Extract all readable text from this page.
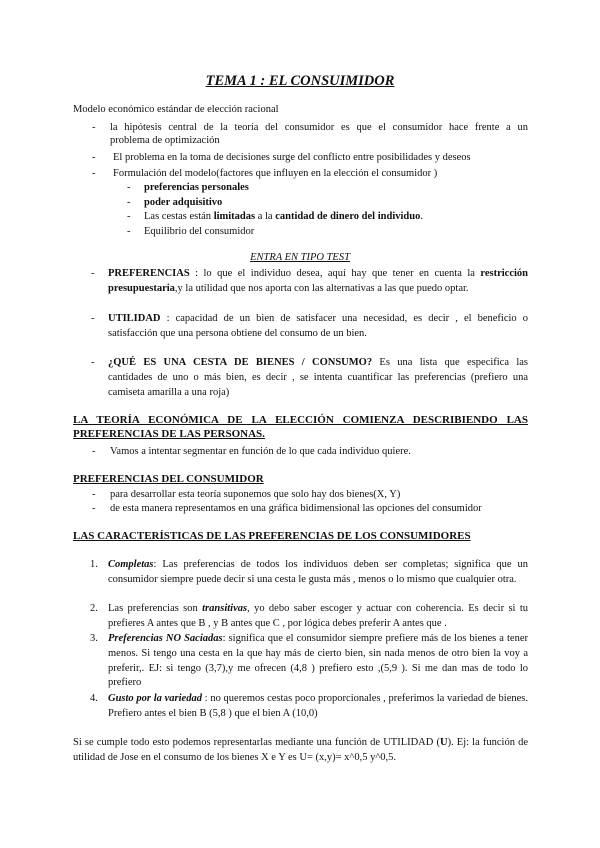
TEMA 1 : EL CONSUIMIDOR
Modelo económico estándar de elección racional
- la hipótesis central de la teoría del consumidor es que el consumidor hace frente a un
problema de optimización
- El problema en la toma de decisiones surge del conflicto entre posibilidades y deseos
- Formulación del modelo(factores que influyen en la elección el consumidor )
- preferencias personales
- poder adquisitivo
- Las cestas están limitadas a la cantidad de dinero del individuo.
- Equilibrio del consumidor
ENTRA EN TIPO TEST
- PREFERENCIAS : lo que el individuo desea, aquí hay que tener en cuenta la restricción
presupuestaria,y la utilidad que nos aporta con las alternativas a las que puedo optar.
- UTILIDAD : capacidad de un bien de satisfacer una necesidad, es decir , el beneficio o
satisfacción que una persona obtiene del consumo de un bien.
- ¿QUÉ ES UNA CESTA DE BIENES / CONSUMO? Es una lista que especifica las
cantidades de uno o más bien, es decir , se intenta cuantificar las preferencias (prefiero una
camiseta amarilla a una roja)
LA TEORÍA ECONÓMICA DE LA ELECCIÓN COMIENZA DESCRIBIENDO LAS
PREFERENCIAS DE LAS PERSONAS.
- Vamos a intentar segmentar en función de lo que cada individuo quiere.
PREFERENCIAS DEL CONSUMIDOR
- para desarrollar esta teoría suponemos que solo hay dos bienes(X, Y)
- de esta manera representamos en una gráfica bidimensional las opciones del consumidor
LAS CARACTERÍSTICAS DE LAS PREFERENCIAS DE LOS CONSUMIDORES
1. Completas: Las preferencias de todos los individuos deben ser completas; significa que un consumidor siempre puede decir si una cesta le gusta más , menos o lo mismo que cualquier otra.
2. Las preferencias son transitivas, yo debo saber escoger y actuar con coherencia. Es decir si tu prefieres A antes que B , y B antes que C , por lógica debes preferir A antes que .
3. Preferencias NO Saciadas: significa que el consumidor siempre prefiere más de los bienes a tener menos. Si tengo una cesta en la que hay más de cierto bien, sin nada menos de otro bien la voy a preferir,. EJ: si tengo (3,7),y me ofrecen (4,8 ) prefiero esto ,(5,9 ). Si me dan mas de todo lo prefiero
4. Gusto por la variedad : no queremos cestas poco proporcionales , preferimos la variedad de bienes. Prefiero antes el bien B (5,8 ) que el bien A (10,0)
Si se cumple todo esto podemos representarlas mediante una función de UTILIDAD (U). Ej: la función de utilidad de Jose en el consumo de los bienes X e Y es U= (x,y)= x^0,5 y^0,5.
